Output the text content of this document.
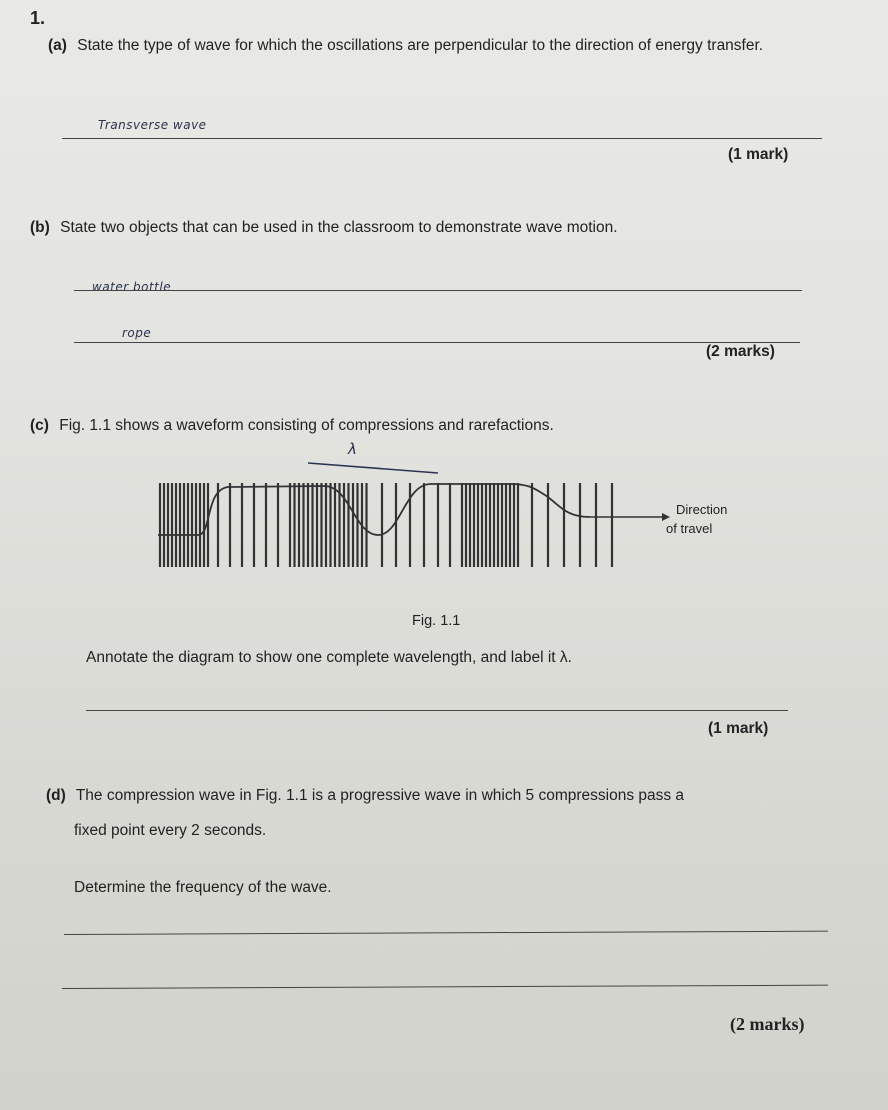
1.
(a) State the type of wave for which the oscillations are perpendicular to the direction of energy transfer.
Transverse wave
(1 mark)
(b) State two objects that can be used in the classroom to demonstrate wave motion.
water bottle
rope
(2 marks)
(c) Fig. 1.1 shows a waveform consisting of compressions and rarefactions.
λ
Direction
of travel
Fig. 1.1
Annotate the diagram to show one complete wavelength, and label it λ.
(1 mark)
(d) The compression wave in Fig. 1.1 is a progressive wave in which 5 compressions pass a
fixed point every 2 seconds.
Determine the frequency of the wave.
(2 marks)
